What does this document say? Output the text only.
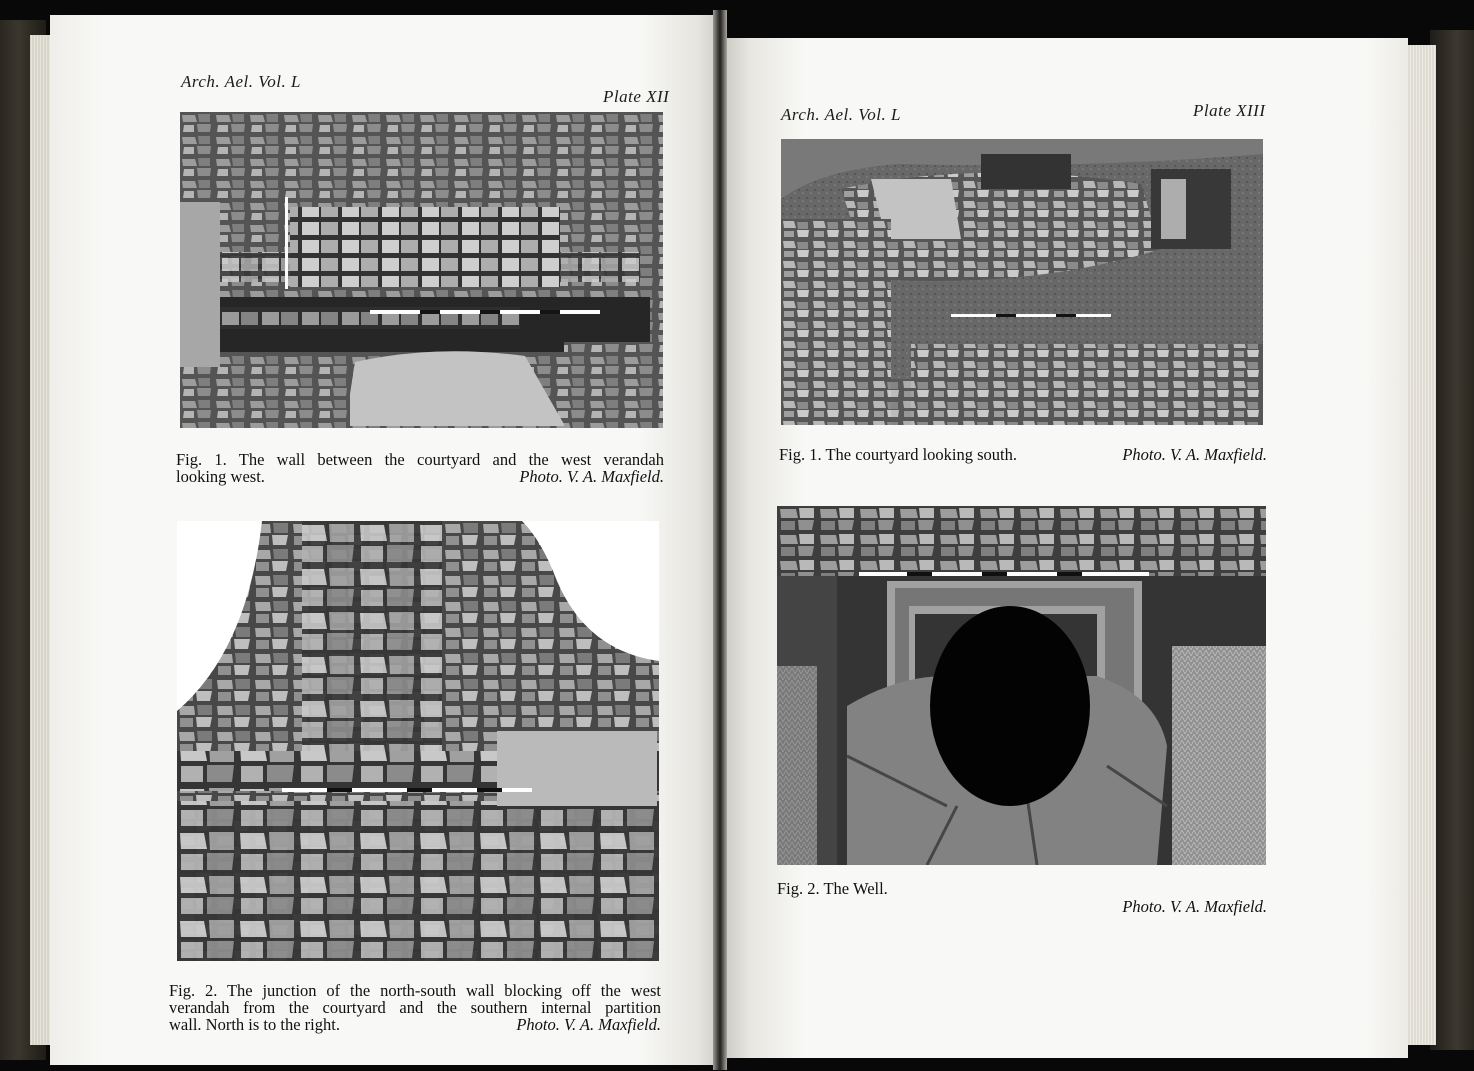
Arch. Ael. Vol. L
Plate XII
Fig. 1. The wall between the courtyard and the west verandah
looking west.	Photo. V. A. Maxfield.
Fig. 2. The junction of the north-south wall blocking off the west
verandah from the courtyard and the southern internal partition
wall. North is to the right.	Photo. V. A. Maxfield.
Arch. Ael. Vol. L	Plate XIII
Fig. 1. The courtyard looking south.	Photo. V. A. Maxfield.
Fig. 2. The Well.
Photo. V. A. Maxfield.
